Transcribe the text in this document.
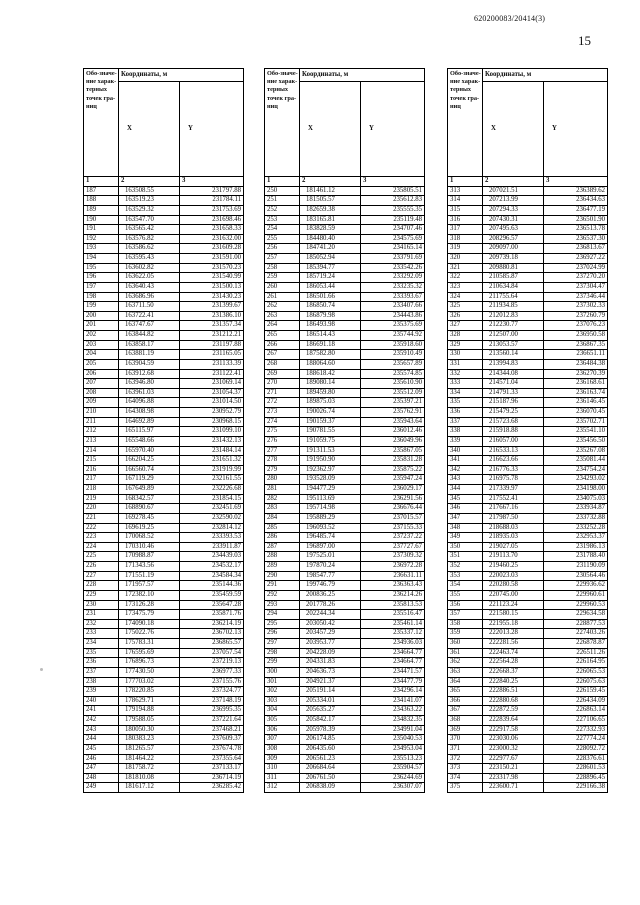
620200083/20414(3)
15
Обо-значе-ние харак-терных точек гра-ниц	Координаты, м	
	X	Y
1	2	3
187	163508.55	231797.88
188	163519.23	231784.11
189	163529.32	231753.69
190	163547.70	231698.46
191	163565.42	231658.33
192	163576.82	231632.00
193	163586.62	231609.28
194	163595.43	231591.00
195	163602.82	231570.23
196	163622.05	231540.99
197	163640.43	231500.13
198	163686.96	231430.23
199	163711.50	231399.67
200	163722.41	231386.10
201	163747.67	231357.34
202	163844.82	231212.21
203	163858.17	231197.88
204	163881.19	231165.05
205	163904.59	231133.39
206	163912.68	231122.41
207	163946.80	231069.14
208	163961.03	231054.37
209	164096.88	231014.50
210	164308.98	230952.79
211	164692.89	230968.15
212	165115.97	231099.10
213	165548.66	231432.13
214	165970.40	231484.14
215	166204.25	231651.32
216	166560.74	231919.99
217	167119.29	232161.55
218	167649.89	232226.68
219	168342.57	231854.15
220	168890.67	232451.69
221	169278.45	232590.02
222	169619.25	232814.12
223	170068.52	233393.53
224	170310.46	233911.87
225	170988.87	234439.03
226	171343.56	234532.17
227	171551.19	234584.34
228	171957.57	235144.36
229	172382.10	235459.59
230	173126.28	235647.28
231	173475.79	235871.76
232	174090.18	236214.19
233	175022.76	236702.13
234	175783.31	236865.57
235	176595.69	237057.54
236	176896.73	237219.13
237	177430.50	236977.33
238	177703.02	237155.76
239	178220.85	237324.77
240	178629.71	237148.19
241	179194.88	236995.35
242	179588.05	237221.64
243	180050.30	237468.21
244	180383.23	237609.37
245	181265.57	237674.78
246	181464.22	237355.64
247	181758.72	237133.17
248	181810.08	236714.19
249	181617.12	236285.42
Обо-значе-ние харак-терных точек гра-ниц	Координаты, м	
	X	Y
1	2	3
250	181461.12	235805.51
251	181505.57	235612.83
252	182659.38	235555.35
253	183165.81	235119.48
254	183828.59	234707.46
255	184480.40	234575.69
256	184741.20	234165.14
257	185052.94	233791.69
258	185394.77	233542.26
259	185719.24	233292.09
260	186053.44	233235.32
261	186501.66	233393.67
262	186850.74	233407.66
263	186879.98	234443.86
264	186493.98	235375.69
265	186514.43	235744.92
266	186691.18	235918.60
267	187582.80	235910.49
268	188064.60	235657.89
269	188618.42	235574.85
270	189080.14	235610.90
271	189459.80	235512.09
272	189875.03	235397.21
273	190026.74	235762.91
274	190159.37	235943.64
275	190781.55	236012.46
276	191059.75	236049.96
277	191311.53	235867.05
278	191950.90	235831.28
279	192362.97	235875.22
280	193528.09	235947.24
281	194477.29	236029.17
282	195113.69	236291.56
283	195714.98	236676.44
284	195889.29	237015.57
285	196093.52	237155.33
286	196485.74	237237.22
287	196897.00	237727.67
288	197525.01	237309.32
289	197870.24	236972.28
290	198547.77	236631.11
291	199746.79	236363.43
292	200836.25	236214.26
293	201778.26	235813.53
294	202244.34	235516.47
295	203050.42	235461.14
296	203457.29	235337.12
297	203953.77	234936.03
298	204228.09	234664.77
299	204331.83	234664.77
300	204636.73	234471.57
301	204921.37	234477.79
302	205191.14	234296.14
303	205334.01	234141.07
304	205635.27	234363.22
305	205842.17	234832.35
306	205978.39	234991.04
307	206174.85	235040.53
308	206435.60	234953.04
309	206561.23	235513.23
310	206684.64	235904.57
311	206761.50	236244.69
312	206838.09	236307.07
Обо-значе-ние харак-терных точек гра-ниц	Координаты, м	
	X	Y
1	2	3
313	207021.51	236389.62
314	207213.99	236434.63
315	207294.33	236477.19
316	207430.31	236501.90
317	207495.63	236513.78
318	208296.57	236537.30
319	209097.00	236813.67
320	209739.18	236927.22
321	209880.81	237024.99
322	210585.87	237270.20
323	210634.84	237304.47
324	211755.64	237346.44
325	211934.85	237302.33
326	212012.83	237260.79
327	212230.77	237076.23
328	212507.00	236950.58
329	213053.57	236867.35
330	213560.14	236651.11
331	213994.83	236484.38
332	214344.08	236270.39
333	214571.04	236168.61
334	214791.33	236163.74
335	215187.96	236146.45
336	215479.25	236070.45
337	215723.68	235702.71
338	215918.88	235541.10
339	216057.00	235456.50
340	216533.13	235267.08
341	216623.66	235081.44
342	216776.33	234754.24
343	216975.78	234293.02
344	217339.97	234198.00
345	217552.41	234075.03
346	217667.16	233934.87
347	217987.50	233732.88
348	218688.03	233252.28
349	218935.03	232953.37
350	219027.05	231986.13
351	219113.70	231788.40
352	219460.25	231190.09
353	220023.03	230564.46
354	220280.58	229936.62
355	220745.00	229960.61
356	221123.24	229960.53
357	221580.15	229634.58
358	221955.18	228877.53
359	222013.28	227403.26
360	222281.56	226878.87
361	222463.74	226511.26
362	222564.28	226164.95
363	222668.37	226065.53
364	222840.25	226075.63
365	222886.51	226159.45
366	222880.68	226434.09
367	222872.59	226863.14
368	222839.64	227106.65
369	222917.58	227332.93
370	223030.06	227774.24
371	223000.32	228092.72
372	222977.67	228376.61
373	223150.21	228601.53
374	223317.98	228896.45
375	223600.71	229166.38
